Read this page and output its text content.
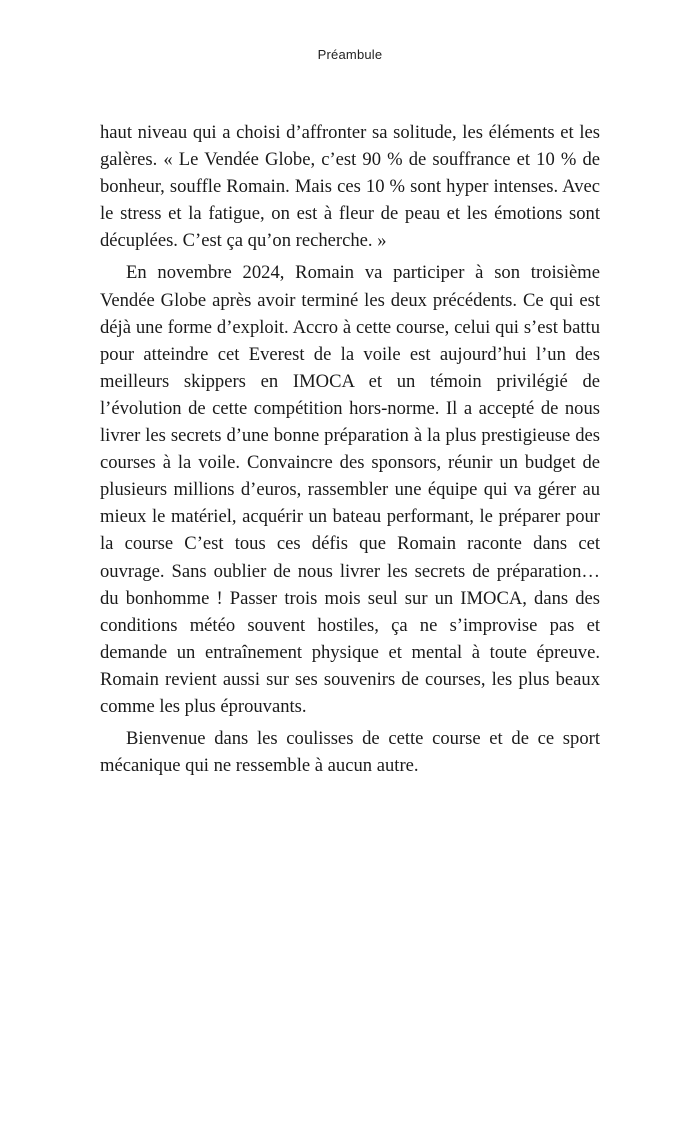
Préambule

haut niveau qui a choisi d’affronter sa solitude, les éléments et les galères. « Le Vendée Globe, c’est 90 % de souffrance et 10 % de bonheur, souffle Romain. Mais ces 10 % sont hyper intenses. Avec le stress et la fatigue, on est à fleur de peau et les émotions sont décuplées. C’est ça qu’on recherche. »

En novembre 2024, Romain va participer à son troisième Vendée Globe après avoir terminé les deux précédents. Ce qui est déjà une forme d’exploit. Accro à cette course, celui qui s’est battu pour atteindre cet Everest de la voile est aujourd’hui l’un des meilleurs skippers en IMOCA et un témoin privilégié de l’évolution de cette compétition hors-norme. Il a accepté de nous livrer les secrets d’une bonne préparation à la plus prestigieuse des courses à la voile. Convaincre des sponsors, réunir un budget de plusieurs millions d’euros, rassembler une équipe qui va gérer au mieux le matériel, acquérir un bateau performant, le préparer pour la course C’est tous ces défis que Romain raconte dans cet ouvrage. Sans oublier de nous livrer les secrets de préparation… du bonhomme ! Passer trois mois seul sur un IMOCA, dans des conditions météo souvent hostiles, ça ne s’improvise pas et demande un entraînement physique et mental à toute épreuve. Romain revient aussi sur ses souvenirs de courses, les plus beaux comme les plus éprouvants.

Bienvenue dans les coulisses de cette course et de ce sport mécanique qui ne ressemble à aucun autre.
